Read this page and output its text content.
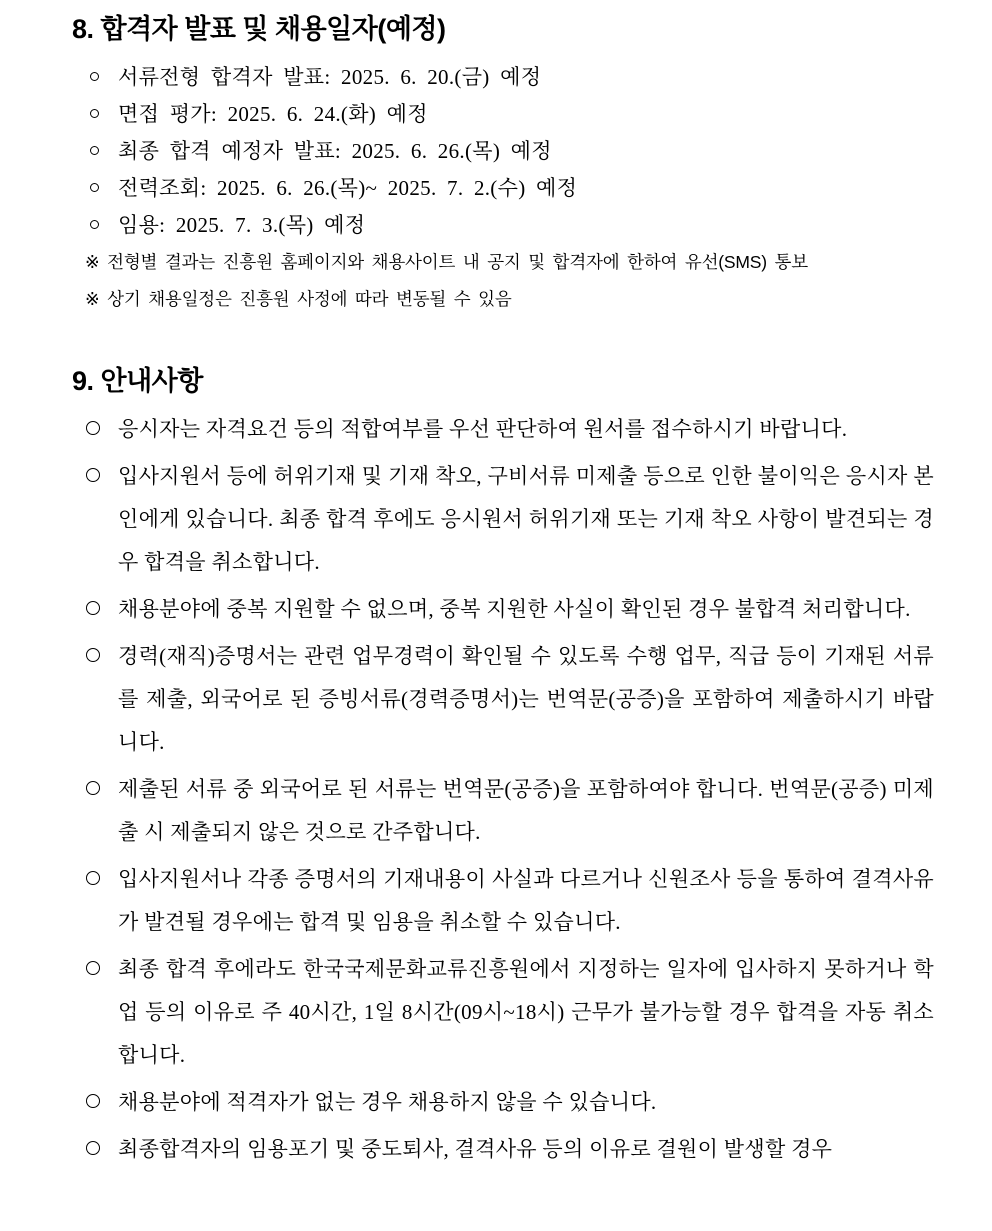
8. 합격자 발표 및 채용일자(예정)
서류전형 합격자 발표: 2025. 6. 20.(금) 예정
면접 평가: 2025. 6. 24.(화) 예정
최종 합격 예정자 발표: 2025. 6. 26.(목) 예정
전력조회: 2025. 6. 26.(목)~ 2025. 7. 2.(수) 예정
임용: 2025. 7. 3.(목) 예정
※ 전형별 결과는 진흥원 홈페이지와 채용사이트 내 공지 및 합격자에 한하여 유선(SMS) 통보
※ 상기 채용일정은 진흥원 사정에 따라 변동될 수 있음
9. 안내사항
응시자는 자격요건 등의 적합여부를 우선 판단하여 원서를 접수하시기 바랍니다.
입사지원서 등에 허위기재 및 기재 착오, 구비서류 미제출 등으로 인한 불이익은 응시자 본인에게 있습니다. 최종 합격 후에도 응시원서 허위기재 또는 기재 착오 사항이 발견되는 경우 합격을 취소합니다.
채용분야에 중복 지원할 수 없으며, 중복 지원한 사실이 확인된 경우 불합격 처리합니다.
경력(재직)증명서는 관련 업무경력이 확인될 수 있도록 수행 업무, 직급 등이 기재된 서류를 제출, 외국어로 된 증빙서류(경력증명서)는 번역문(공증)을 포함하여 제출하시기 바랍니다.
제출된 서류 중 외국어로 된 서류는 번역문(공증)을 포함하여야 합니다. 번역문(공증) 미제출 시 제출되지 않은 것으로 간주합니다.
입사지원서나 각종 증명서의 기재내용이 사실과 다르거나 신원조사 등을 통하여 결격사유가 발견될 경우에는 합격 및 임용을 취소할 수 있습니다.
최종 합격 후에라도 한국국제문화교류진흥원에서 지정하는 일자에 입사하지 못하거나 학업 등의 이유로 주 40시간, 1일 8시간(09시~18시) 근무가 불가능할 경우 합격을 자동 취소합니다.
채용분야에 적격자가 없는 경우 채용하지 않을 수 있습니다.
최종합격자의 임용포기 및 중도퇴사, 결격사유 등의 이유로 결원이 발생할 경우
